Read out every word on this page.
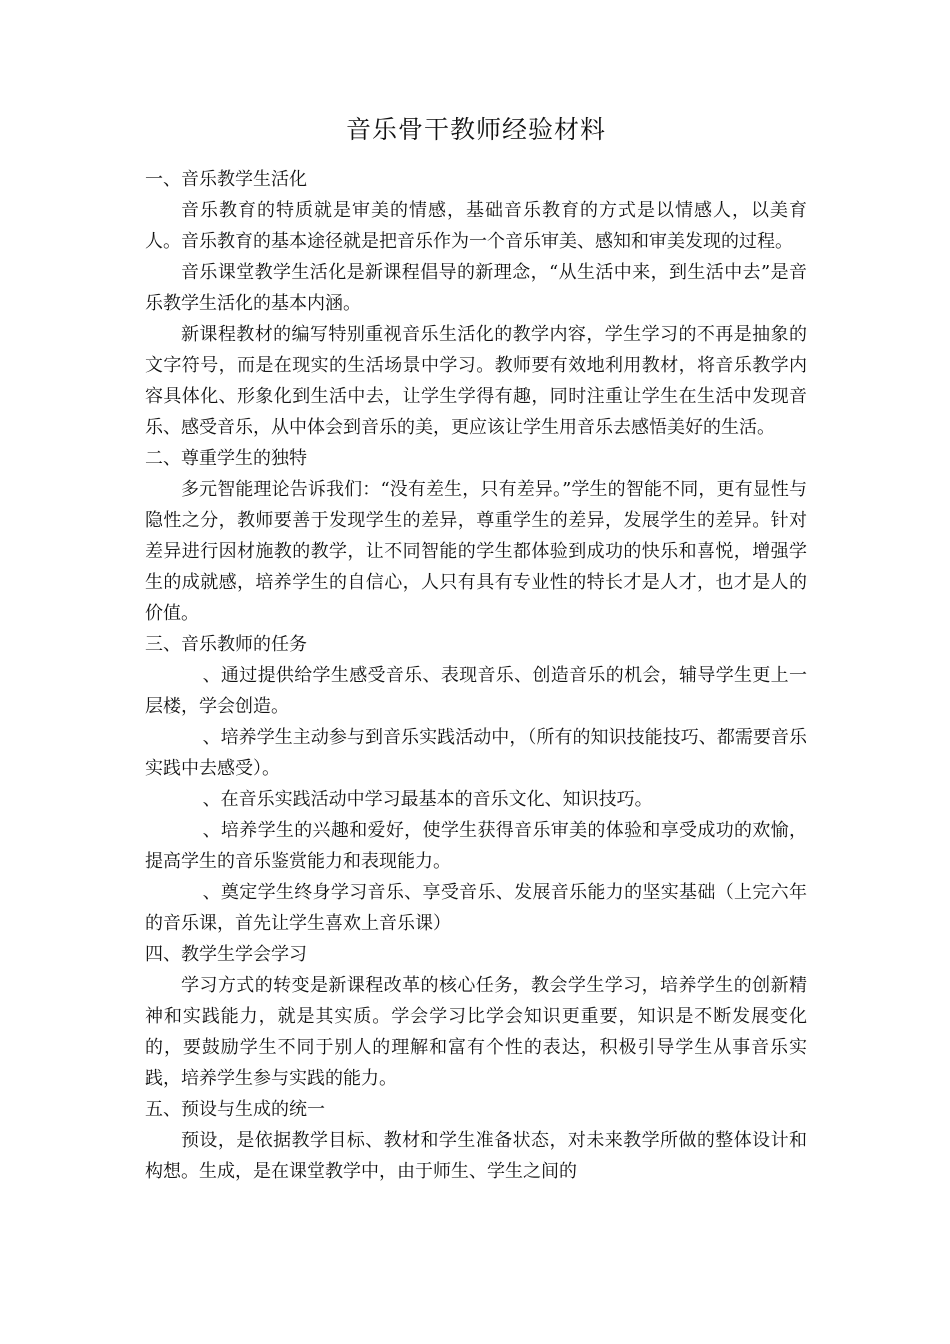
音乐骨干教师经验材料

一、音乐教学生活化

音乐教育的特质就是审美的情感，基础音乐教育的方式是以情感人，以美育人。音乐教育的基本途径就是把音乐作为一个音乐审美、感知和审美发现的过程。

音乐课堂教学生活化是新课程倡导的新理念，“从生活中来，到生活中去”是音乐教学生活化的基本内涵。

新课程教材的编写特别重视音乐生活化的教学内容，学生学习的不再是抽象的文字符号，而是在现实的生活场景中学习。教师要有效地利用教材，将音乐教学内容具体化、形象化到生活中去，让学生学得有趣，同时注重让学生在生活中发现音乐、感受音乐，从中体会到音乐的美，更应该让学生用音乐去感悟美好的生活。

二、尊重学生的独特

多元智能理论告诉我们：“没有差生，只有差异。”学生的智能不同，更有显性与隐性之分，教师要善于发现学生的差异，尊重学生的差异，发展学生的差异。针对差异进行因材施教的教学，让不同智能的学生都体验到成功的快乐和喜悦，增强学生的成就感，培养学生的自信心，人只有具有专业性的特长才是人才，也才是人的价值。

三、音乐教师的任务

、通过提供给学生感受音乐、表现音乐、创造音乐的机会，辅导学生更上一层楼，学会创造。

、培养学生主动参与到音乐实践活动中，（所有的知识技能技巧、都需要音乐实践中去感受）。

、在音乐实践活动中学习最基本的音乐文化、知识技巧。

、培养学生的兴趣和爱好，使学生获得音乐审美的体验和享受成功的欢愉，提高学生的音乐鉴赏能力和表现能力。

、奠定学生终身学习音乐、享受音乐、发展音乐能力的坚实基础（上完六年的音乐课，首先让学生喜欢上音乐课）

四、教学生学会学习

学习方式的转变是新课程改革的核心任务，教会学生学习，培养学生的创新精神和实践能力，就是其实质。学会学习比学会知识更重要，知识是不断发展变化的，要鼓励学生不同于别人的理解和富有个性的表达，积极引导学生从事音乐实践，培养学生参与实践的能力。

五、预设与生成的统一

预设，是依据教学目标、教材和学生准备状态，对未来教学所做的整体设计和构想。生成，是在课堂教学中，由于师生、学生之间的
